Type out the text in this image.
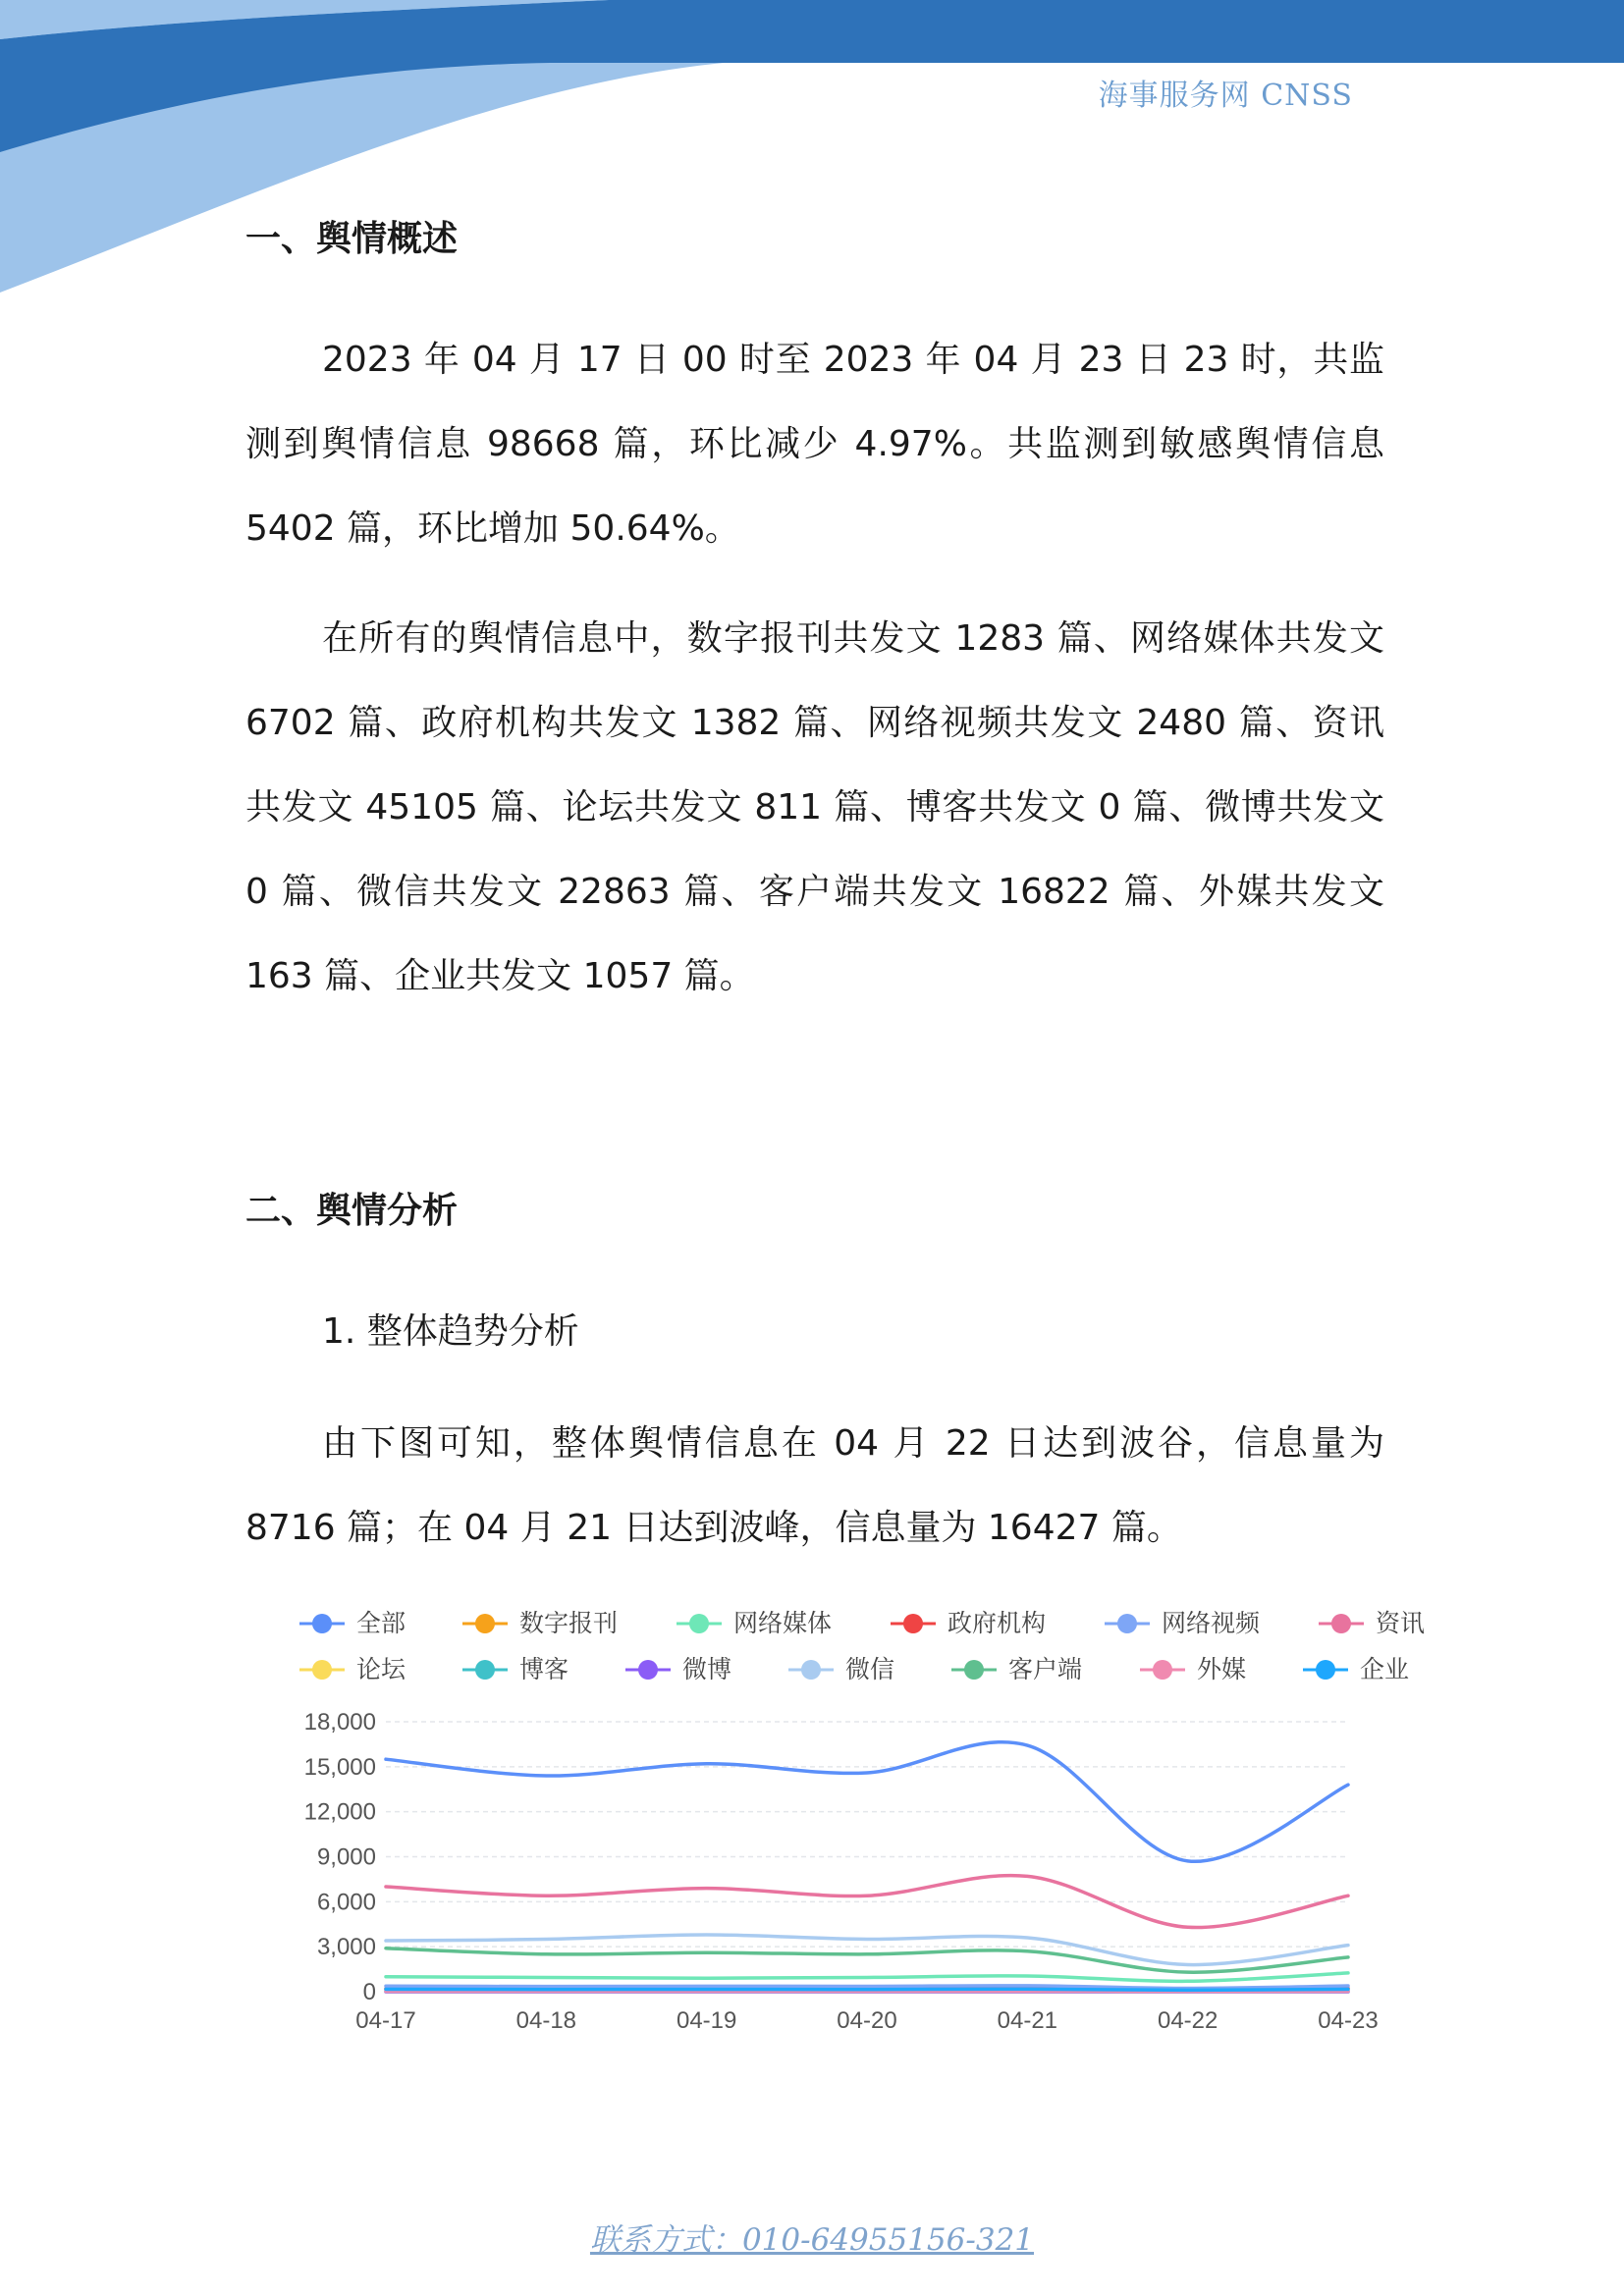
海事服务网 CNSS
一、舆情概述
2023 年 04 月 17 日 00 时至 2023 年 04 月 23 日 23 时，共监测到舆情信息 98668 篇，环比减少 4.97%。共监测到敏感舆情信息 5402 篇，环比增加 50.64%。
在所有的舆情信息中，数字报刊共发文 1283 篇、网络媒体共发文 6702 篇、政府机构共发文 1382 篇、网络视频共发文 2480 篇、资讯共发文 45105 篇、论坛共发文 811 篇、博客共发文 0 篇、微博共发文 0 篇、微信共发文 22863 篇、客户端共发文 16822 篇、外媒共发文 163 篇、企业共发文 1057 篇。
二、舆情分析
1. 整体趋势分析
由下图可知，整体舆情信息在 04 月 22 日达到波谷，信息量为 8716 篇；在 04 月 21 日达到波峰，信息量为 16427 篇。
0
3,000
6,000
9,000
12,000
15,000
18,000
04-17	04-18	04-19	04-20	04-21	04-22	04-23
全部	数字报刊	网络媒体	政府机构	网络视频	资讯
论坛	博客	微博	微信	客户端	外媒	企业
联系方式：010-64955156-321
